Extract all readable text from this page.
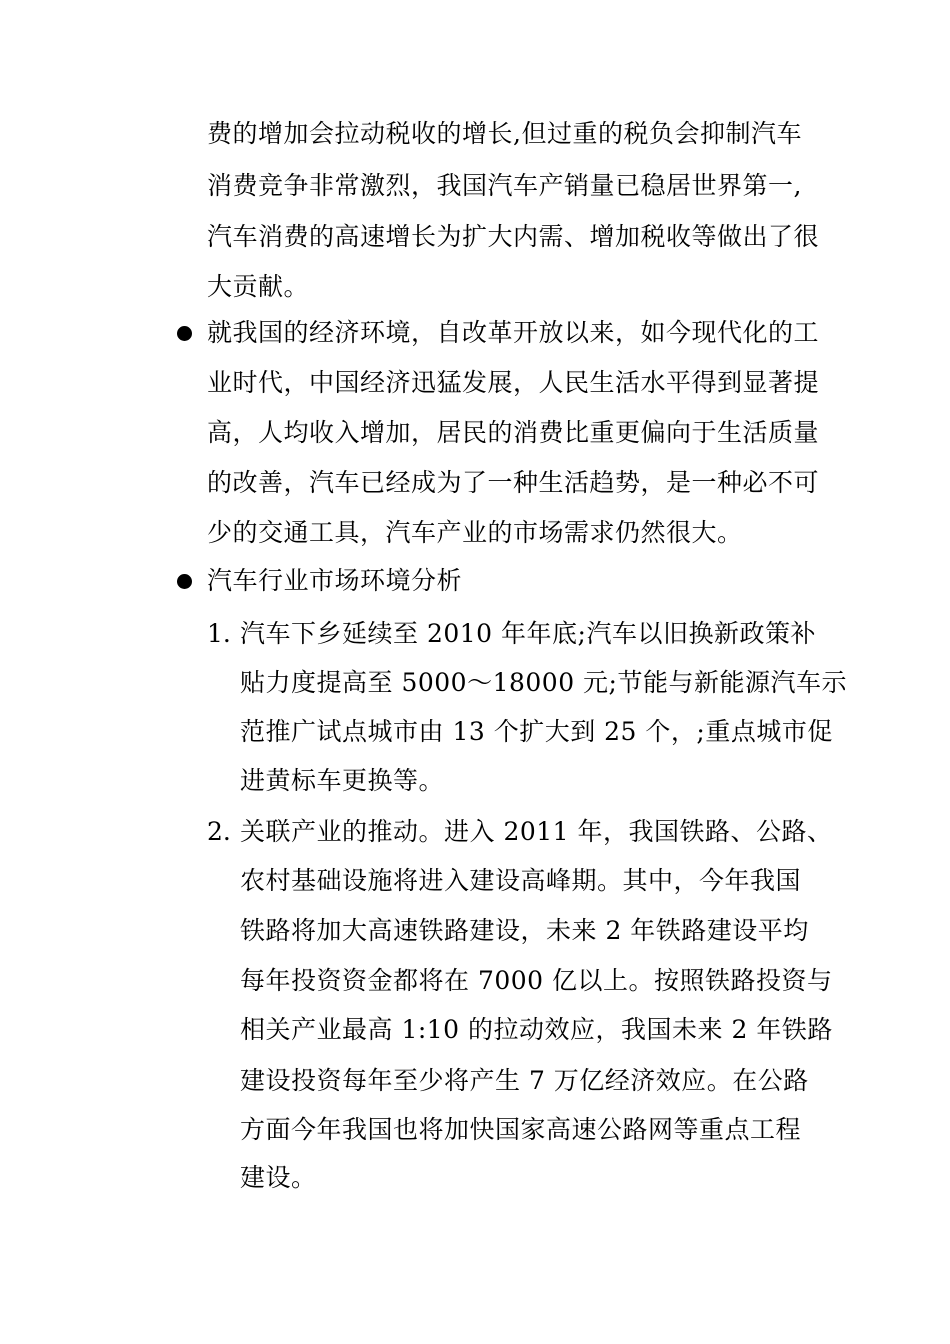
费的增加会拉动税收的增长,但过重的税负会抑制汽车
消费竞争非常激烈，我国汽车产销量已稳居世界第一,
汽车消费的高速增长为扩大内需、增加税收等做出了很
大贡献。
就我国的经济环境，自改革开放以来，如今现代化的工
业时代，中国经济迅猛发展，人民生活水平得到显著提
高，人均收入增加，居民的消费比重更偏向于生活质量
的改善，汽车已经成为了一种生活趋势，是一种必不可
少的交通工具，汽车产业的市场需求仍然很大。
汽车行业市场环境分析
1. 汽车下乡延续至 2010 年年底;汽车以旧换新政策补
贴力度提高至 5000～18000 元;节能与新能源汽车示
范推广试点城市由 13 个扩大到 25 个，;重点城市促
进黄标车更换等。
2. 关联产业的推动。进入 2011 年，我国铁路、公路、
农村基础设施将进入建设高峰期。其中，今年我国
铁路将加大高速铁路建设，未来 2 年铁路建设平均
每年投资资金都将在 7000 亿以上。按照铁路投资与
相关产业最高 1:10 的拉动效应，我国未来 2 年铁路
建设投资每年至少将产生 7 万亿经济效应。在公路
方面今年我国也将加快国家高速公路网等重点工程
建设。
